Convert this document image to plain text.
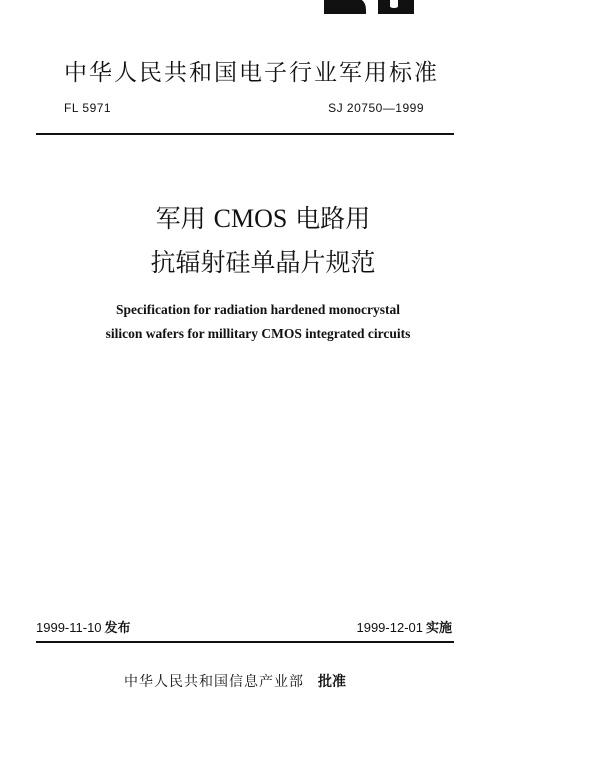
中华人民共和国电子行业军用标准
FL 5971	SJ 20750—1999
军用 CMOS 电路用
抗辐射硅单晶片规范
Specification for radiation hardened monocrystal
silicon wafers for millitary CMOS integrated circuits
1999-11-10 发布	1999-12-01 实施
中华人民共和国信息产业部 批准
